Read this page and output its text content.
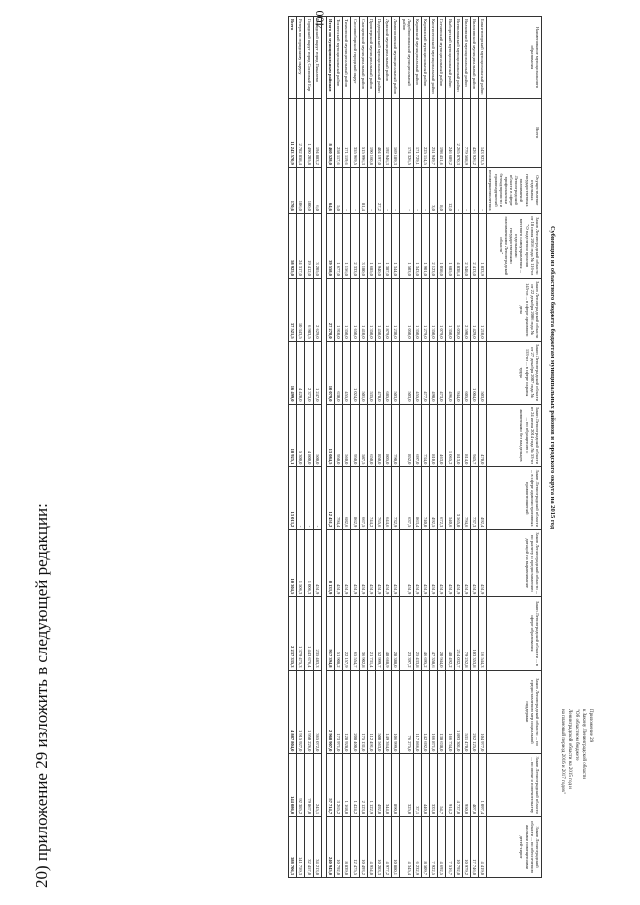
400
20) приложение 29 изложить в следующей редакции:	Приложение 29
к Закону Ленинградской области
"Об областном бюджете
Ленинградской области на 2015 год и
на плановый период 2016 и 2017 годов"
Субвенции из областного бюджета бюджетам муниципальных районов и городского округа на 2015 год
Наименование муниципального образования	Всего	Осуществление отдельных государственных полномочий Ленинградской области в сфере профилактики безнадзорности и правонарушений несовершеннолетних	Закон Ленинградской области от 18 июля 2016 года № 116-оз "О наделении органов местного самоуправления ... отдельными государственными полномочиями Ленинградской области"	Закон Ленинградской области от 22 декабря 2006 года № 145-оз ... в сфере архивного дела	Закон Ленинградской области от 27 декабря 2007 года № 153-оз ... в сфере охраны труда	Закон Ленинградской области от 24 июня 2014 года № 53-оз ... по обращению с животными без владельцев	Закон Ленинградской области ... в сфере административных правоотношений	Закон Ленинградской области ... по расчету и предоставлению дотаций на выравнивание	Закон Ленинградской области ... в сфере образования	Закон Ленинградской области ... по предоставлению мер социальной поддержки	Закон Ленинградской области ... по опеке и попечительству	Закон Ленинградской области ... по обеспечению жилыми помещениями детей-сирот
Бокситогорский муниципальный район	143 923,5	-	1 833,9	1 210,0	503,0	470,0	492,4	451,9	16 544,3	104 977,0	1 097,4	4 419,0
Волосовский муниципальный район	426 926,2	-	2 413,0	1 429,0	1 004,0	945,7	737,3	451,9	103 353,8	262 125,0	407,0	17 746,0
Волховский муниципальный район	779 568,9	-	2 548,0	2 590,0	605,0	814,0	794,6	451,9	79 252,8	531 470,0	950,0	10 979,2
Всеволожский муниципальный район	2 265 070,3	-	4 838,4	5 036,0	944,0	813,0	3 565,0	451,9	214 032,7	1 893 301,0	4 737,0	10 792,0
Выборгский муниципальный район	246 689,2	12,0	1 685,0	1 350,0	496,0	1 065,2	540,6	451,9	48 492,2	166 734,0	914,2	7 516,7
Гатчинский муниципальный район	198 451,6	8,0	1 058,0	1 079,0	473,0	463,0	672,3	451,9	20 944,0	138 638,0	54,7	4 692,5
Кингисеппский муниципальный район	251 949,7	3,0	2 123,0	1 350,0	498,0	810,0	492,5	451,9	47 358,6	166 871,0	333,0	7 922,5
Киришский муниципальный район	225 114,5	-	1 901,0	1 279,0	477,0	734,0	740,0	451,9	46 695,2	142 692,0	440,0	8 509,7
Кировский муниципальный район	171 729,1	-	1 343,0	1 350,0	455,0	697,0	863,4	451,9	25 433,8	117 866,0	37,1	6 232,9
Лодейнопольский муниципальный район	174 326,5	-	1 503,0	1 050,0	503,0	852,0	637,5	451,9	23 397,2	76 275,0	325,0	4 345,4
Ломоносовский муниципальный район	169 189,3	-	1 344,0	1 230,0	503,0	790,0	732,9	451,9	28 388,0	106 999,0	890,0	10 880,1
Лужский муниципальный район	192 946,3	-	1 387,0	1 879,0	685,0	805,0	644,6	451,9	48 668,9	149 364,0	344,0	4 977,2
Подпорожский муниципальный район	404 197,0	27,2	1 940,0	1 450,0	478,0	850,0	765,6	451,9	52 999,7	500 563,0	492,0	10 283,3
Приозерский муниципальный район	190 160,8	-	1 685,0	1 350,0	535,0	650,0	744,2	451,9	21 731,4	112 491,0	1 122,9	4 954,0
Сланцевский муниципальный район	515 996,3	81,4	3 180,0	1 410,0	501,0	587,5	667,5	451,9	36 902,8	175 131,0	2 123,8	10 493,2
Сосновоборский городской округ	355 969,5	-	2 333,0	1 650,0	1 024,0	950,0	862,9	451,9	65 554,7	208 400,0	1 424,2	12 475,5
Тихвинский муниципальный район	171 119,6	-	1 156,0	1 350,0	455,0	560,0	682,6	451,9	22 157,9	128 928,0	1 168,0	8 839,0
Тосненский муниципальный район	258 117,6	5,0	1 677,0	1 910,0	630,0	950,0	794,4	451,9	51 908,2	173 971,0	3 265,2	10 792,0
Итого по муниципальным районам	8 460 528,0	64,6	39 558,0	27 278,0	10 079,0	13 084,5	12 451,2	8 133,9	917 394,8	2 968 907,0	57 714,7	240 945,0

Городской округ город Пикалево	194 883,2	6,0	3 205,0	2 629,0	1 247,0	500,0	-	451,9	235 483,3	365 072,0	245,1	34 213,0
Городской округ город Сосновый Бор	1 490 205,8	100,0	19 412,0	6 983,5	2 373,0	4 800,0	-	1 006,3	1 443 676,4	1 950 226,0	79 867,0	32 457,0
Резерв по городскому округу	2 782 858,4	106,0	24 317,0	10 343,5	4 420,0	5 300,0	-	1 506,3	1 379 475,3	1 915 927,0	92 385,2	141 759,3
Всего	11 243 570,9	170,6	58 925,0	37 521,5	16 499,0	18 925,1	13 013,2	10 304,5	2 237 335,3	4 887 804,0	144 086,0	388 706,3
